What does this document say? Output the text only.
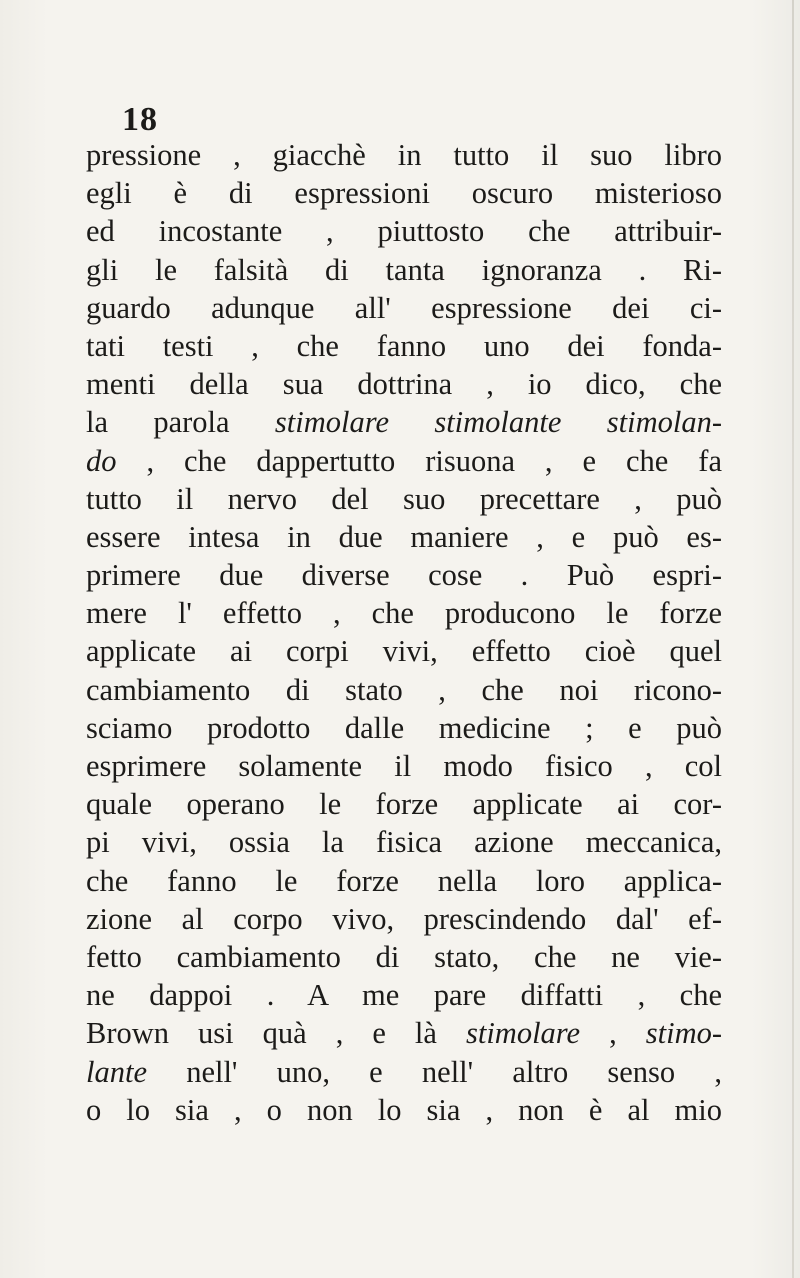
18
pressione , giacchè in tutto il suo libro
egli è di espressioni oscuro misterioso
ed incostante , piuttosto che attribuir-
gli le falsità di tanta ignoranza . Ri-
guardo adunque all' espressione dei ci-
tati testi , che fanno uno dei fonda-
menti della sua dottrina , io dico, che
la parola stimolare stimolante stimolan-
do , che dappertutto risuona , e che fa
tutto il nervo del suo precettare , può
essere intesa in due maniere , e può es-
primere due diverse cose . Può espri-
mere l' effetto , che producono le forze
applicate ai corpi vivi, effetto cioè quel
cambiamento di stato , che noi ricono-
sciamo prodotto dalle medicine ; e può
esprimere solamente il modo fisico , col
quale operano le forze applicate ai cor-
pi vivi, ossia la fisica azione meccanica,
che fanno le forze nella loro applica-
zione al corpo vivo, prescindendo dal' ef-
fetto cambiamento di stato, che ne vie-
ne dappoi . A me pare diffatti , che
Brown usi quà , e là stimolare , stimo-
lante nell' uno, e nell' altro senso ,
o lo sia , o non lo sia , non è al mio
